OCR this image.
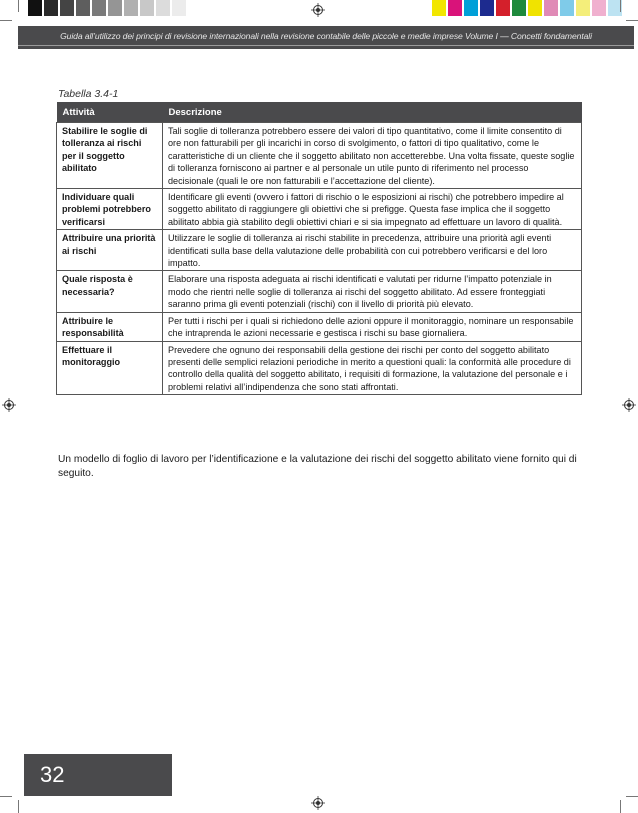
Guida all’utilizzo dei principi di revisione internazionali nella revisione contabile delle piccole e medie imprese Volume I — Concetti fondamentali
Tabella 3.4-1
Attività	Descrizione
Stabilire le soglie di tolleranza ai rischi per il soggetto abilitato	Tali soglie di tolleranza potrebbero essere dei valori di tipo quantitativo, come il limite consentito di ore non fatturabili per gli incarichi in corso di svolgimento, o fattori di tipo qualitativo, come le caratteristiche di un cliente che il soggetto abilitato non accetterebbe. Una volta fissate, queste soglie di tolleranza forniscono ai partner e al personale un utile punto di riferimento nel processo decisionale (quali le ore non fatturabili e l’accettazione del cliente).
Individuare quali problemi potrebbero verificarsi	Identificare gli eventi (ovvero i fattori di rischio o le esposizioni ai rischi) che potrebbero impedire al soggetto abilitato di raggiungere gli obiettivi che si prefigge. Questa fase implica che il soggetto abilitato abbia già stabilito degli obiettivi chiari e si sia impegnato ad effettuare un lavoro di qualità.
Attribuire una priorità ai rischi	Utilizzare le soglie di tolleranza ai rischi stabilite in precedenza, attribuire una priorità agli eventi identificati sulla base della valutazione delle probabilità con cui potrebbero verificarsi e del loro impatto.
Quale risposta è necessaria?	Elaborare una risposta adeguata ai rischi identificati e valutati per ridurne l’impatto potenziale in modo che rientri nelle soglie di tolleranza ai rischi del soggetto abilitato. Ad essere fronteggiati saranno prima gli eventi potenziali (rischi) con il livello di priorità più elevato.
Attribuire le responsabilità	Per tutti i rischi per i quali si richiedono delle azioni oppure il monitoraggio, nominare un responsabile che intraprenda le azioni necessarie e gestisca i rischi su base giornaliera.
Effettuare il monitoraggio	Prevedere che ognuno dei responsabili della gestione dei rischi per conto del soggetto abilitato presenti delle semplici relazioni periodiche in merito a questioni quali: la conformità alle procedure di controllo della qualità del soggetto abilitato, i requisiti di formazione, la valutazione del personale e i problemi relativi all’indipendenza che sono stati affrontati.
Un modello di foglio di lavoro per l’identificazione e la valutazione dei rischi del soggetto abilitato viene fornito qui di seguito.
32
